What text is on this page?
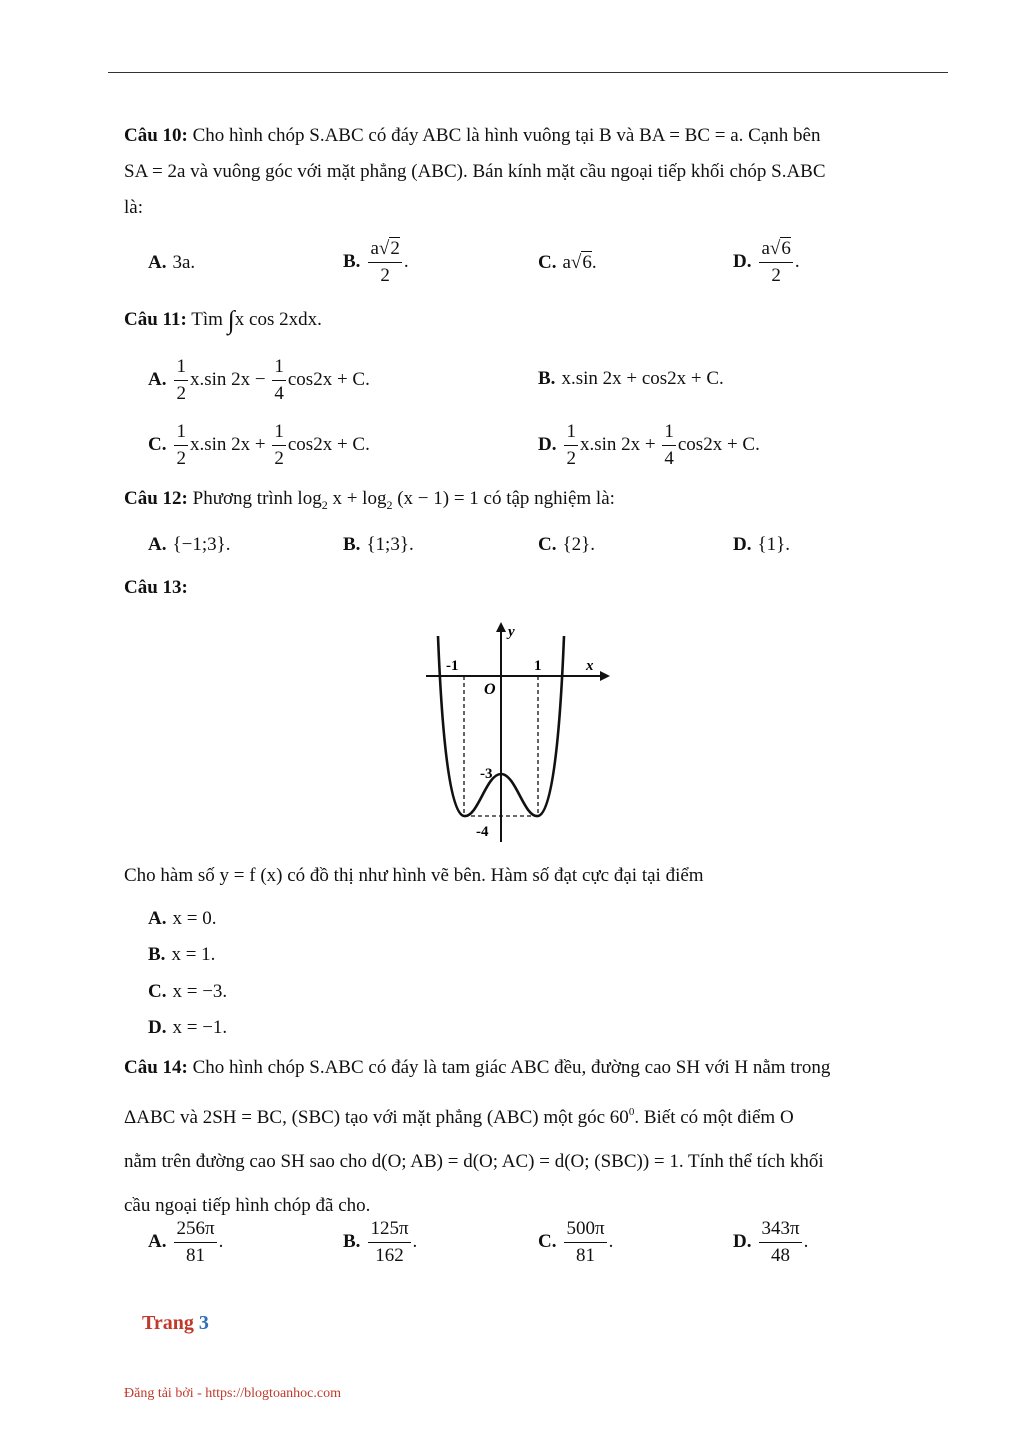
Câu 10: Cho hình chóp S.ABC có đáy ABC là hình vuông tại B và BA = BC = a. Cạnh bên
SA = 2a và vuông góc với mặt phẳng (ABC). Bán kính mặt cầu ngoại tiếp khối chóp S.ABC
là:
A. 3a.	B. $\frac{a√2}{2}$ .	C. a√6.	D. $\frac{a√6}{2}$ .
Câu 11: Tìm ∫x cos 2xdx.
A. $\frac{1}{2} x.\sin$ $2x - \frac{1}{4} \cos 2x + C$.	B. x.sin 2x + cos2x + C.
C. $\frac{1}{2} x.\sin$ $2x + \frac{1}{2} \cos 2x + C$.	D. $\frac{1}{2} x.\sin$ $2x + \frac{1}{4} \cos 2x + C$.
Câu 12: Phương trình $\log_2 x + \log_2 (x - 1) = 1$ có tập nghiệm là:
A. {−1;3}.	B. {1;3}.	C. {2}.	D. {1}.
Câu 13:
y
x
O
-1	1
-3
-4
Cho hàm số y = f (x) có đồ thị như hình vẽ bên. Hàm số đạt cực đại tại điểm
A. x = 0.
B. x = 1.
C. x = −3.
D. x = −1.
Câu 14: Cho hình chóp S.ABC có đáy là tam giác ABC đều, đường cao SH với H nằm trong
ΔABC và 2SH = BC, (SBC) tạo với mặt phẳng (ABC) một góc $60^0$. Biết có một điểm O
nằm trên đường cao SH sao cho d(O; AB) = d(O; AC) = d(O; (SBC)) = 1. Tính thể tích khối
cầu ngoại tiếp hình chóp đã cho.
A. $\frac{256\pi}{81}$ .	B. $\frac{125\pi}{162}$ .	C. $\frac{500\pi}{81}$ .	D. $\frac{343\pi}{48}$ .
Trang 3
Đăng tải bởi - https://blogtoanhoc.com
